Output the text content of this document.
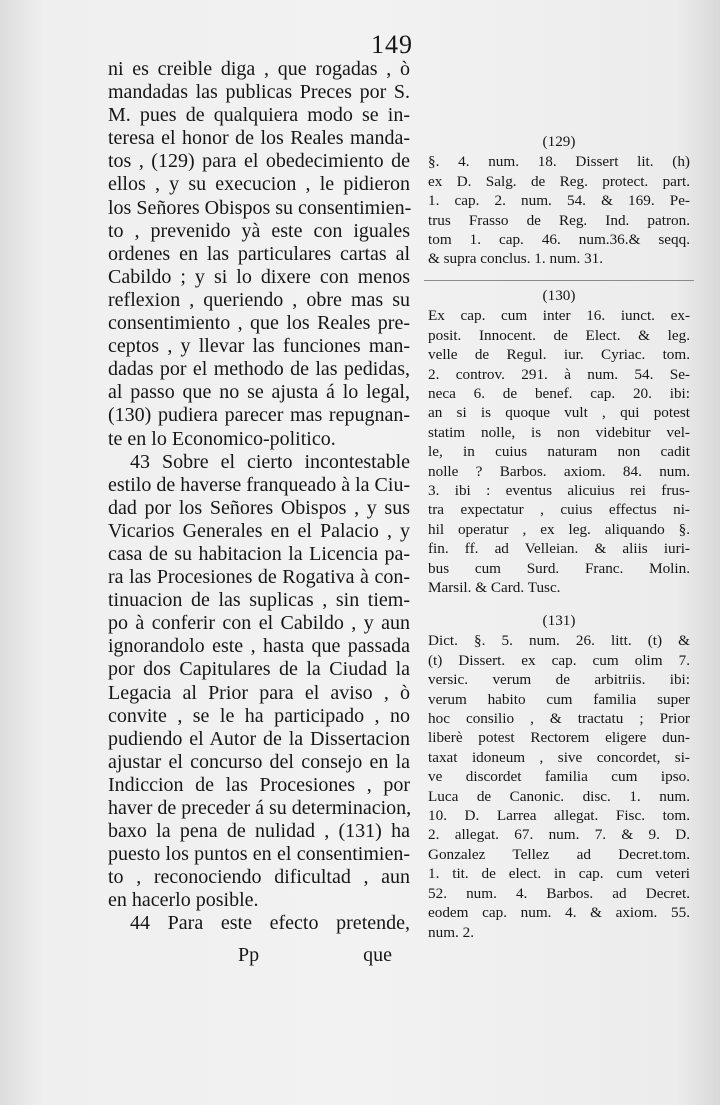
149
ni es creible diga , que rogadas , ò
mandadas las publicas Preces por S.
M. pues de qualquiera modo se in-
teresa el honor de los Reales manda-
tos , (129) para el obedecimiento de
ellos , y su execucion , le pidieron
los Señores Obispos su consentimien-
to , prevenido yà este con iguales
ordenes en las particulares cartas al
Cabildo ; y si lo dixere con menos
reflexion , queriendo , obre mas su
consentimiento , que los Reales pre-
ceptos , y llevar las funciones man-
dadas por el methodo de las pedidas,
al passo que no se ajusta á lo legal,
(130) pudiera parecer mas repugnan-
te en lo Economico-politico.
43 Sobre el cierto incontestable
estilo de haverse franqueado à la Ciu-
dad por los Señores Obispos , y sus
Vicarios Generales en el Palacio , y
casa de su habitacion la Licencia pa-
ra las Procesiones de Rogativa à con-
tinuacion de las suplicas , sin tiem-
po à conferir con el Cabildo , y aun
ignorandolo este , hasta que passada
por dos Capitulares de la Ciudad la
Legacia al Prior para el aviso , ò
convite , se le ha participado , no
pudiendo el Autor de la Dissertacion
ajustar el concurso del consejo en la
Indiccion de las Procesiones , por
haver de preceder á su determinacion,
baxo la pena de nulidad , (131) ha
puesto los puntos en el consentimien-
to , reconociendo dificultad , aun
en hacerlo posible.
44 Para este efecto pretende,
Pp	que
(129)
§. 4. num. 18. Dissert lit. (h)
ex D. Salg. de Reg. protect. part.
1. cap. 2. num. 54. & 169. Pe-
trus Frasso de Reg. Ind. patron.
tom 1. cap. 46. num.36.& seqq.
& supra conclus. 1. num. 31.
(130)
Ex cap. cum inter 16. iunct. ex-
posit. Innocent. de Elect. & leg.
velle de Regul. iur. Cyriac. tom.
2. controv. 291. à num. 54. Se-
neca 6. de benef. cap. 20. ibi:
an si is quoque vult , qui potest
statim nolle, is non videbitur vel-
le, in cuius naturam non cadit
nolle ? Barbos. axiom. 84. num.
3. ibi : eventus alicuius rei frus-
tra expectatur , cuius effectus ni-
hil operatur , ex leg. aliquando §.
fin. ff. ad Velleian. & aliis iuri-
bus cum Surd. Franc. Molin.
Marsil. & Card. Tusc.
(131)
Dict. §. 5. num. 26. litt. (t) &
(t) Dissert. ex cap. cum olim 7.
versic. verum de arbitriis. ibi:
verum habito cum familia super
hoc consilio , & tractatu ; Prior
liberè potest Rectorem eligere dun-
taxat idoneum , sive concordet, si-
ve discordet familia cum ipso.
Luca de Canonic. disc. 1. num.
10. D. Larrea allegat. Fisc. tom.
2. allegat. 67. num. 7. & 9. D.
Gonzalez Tellez ad Decret.tom.
1. tit. de elect. in cap. cum veteri
52. num. 4. Barbos. ad Decret.
eodem cap. num. 4. & axiom. 55.
num. 2.
